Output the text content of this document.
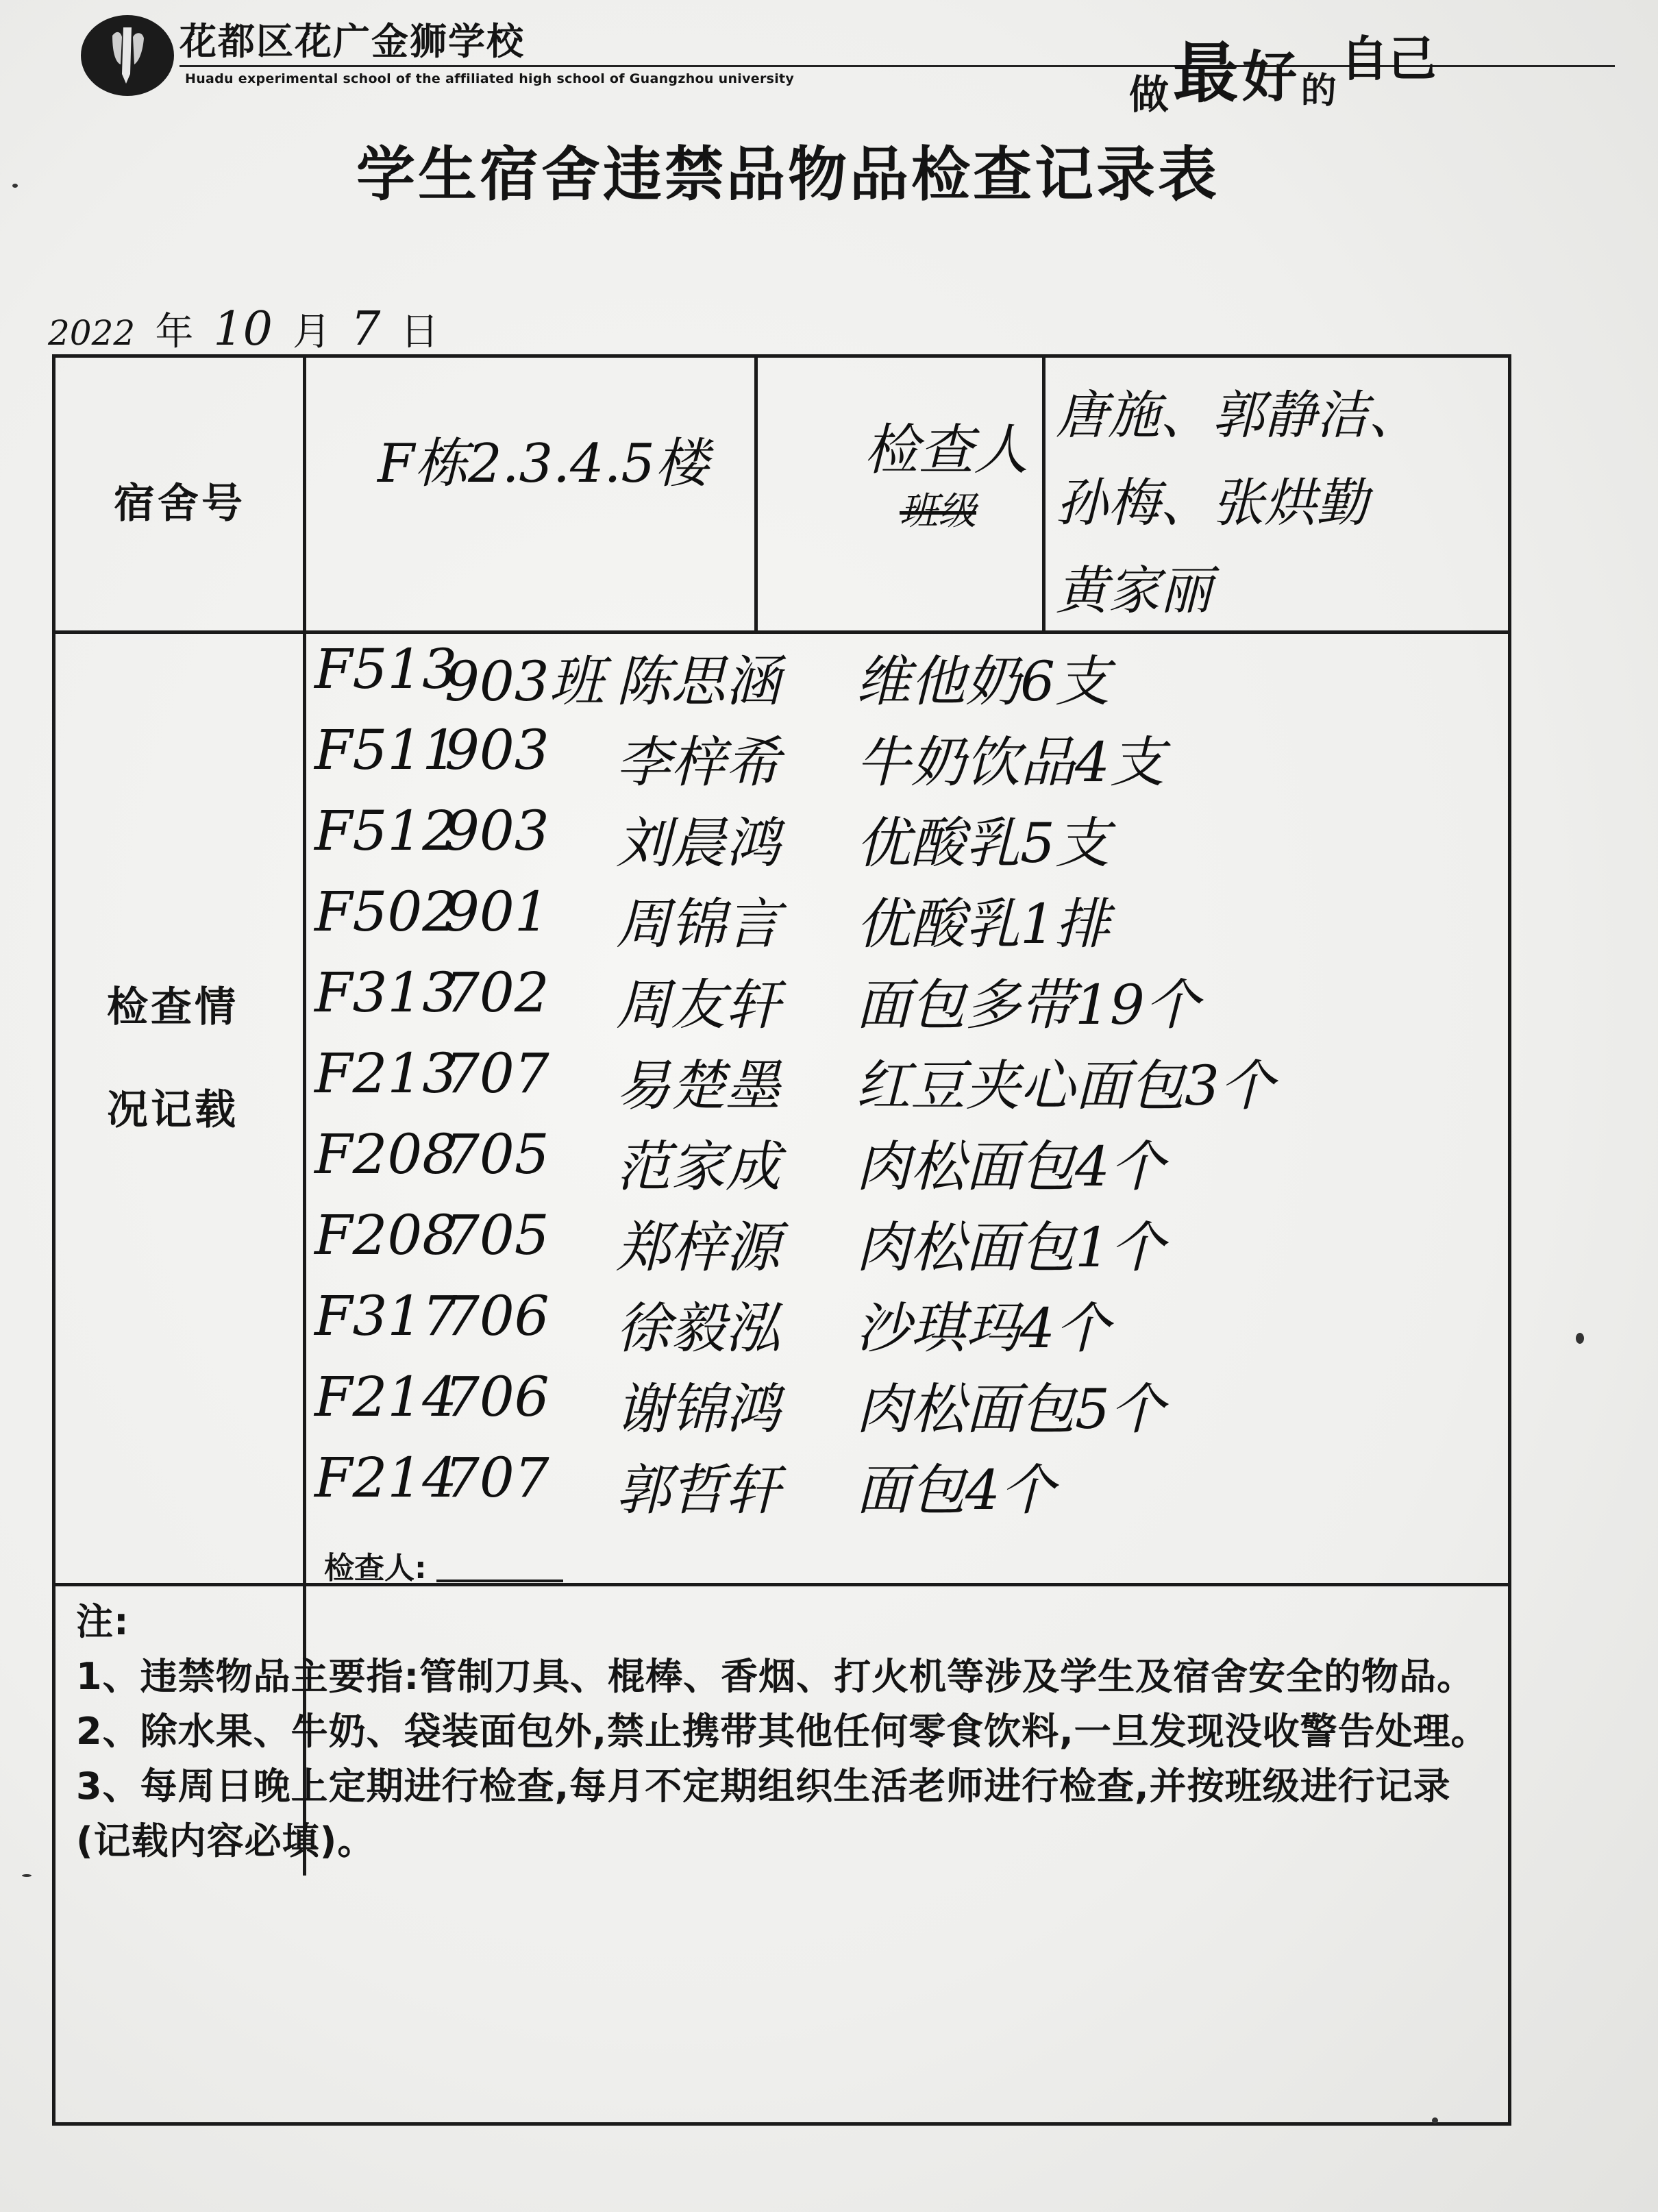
花都区花广金狮学校
Huadu experimental school of the affiliated high school of Guangzhou university	做 最 好 的 自己
学生宿舍违禁品物品检查记录表
2022 年 10 月 7 日
宿舍号
F栋2.3.4.5楼	检查人
班级
唐施、郭静洁、
孙梅、张烘勤
黄家丽
检查情
况记载
F513
903班 陈思涵 维他奶6支
F511
903 李梓希 牛奶饮品4支
F512
903 刘晨鸿 优酸乳5支
F502
901 周锦言 优酸乳1排
F313
702 周友轩 面包多带19个
F213
707 易楚墨 红豆夹心面包3个
F208
705 范家成 肉松面包4个
F208
705 郑梓源 肉松面包1个
F317
706 徐毅泓 沙琪玛4个
F214
706 谢锦鸿 肉松面包5个
F214
707 郭哲轩 面包4个
检查人:

注:

1、违禁物品主要指:管制刀具、棍棒、香烟、打火机等涉及学生及宿舍安全的物品。

2、除水果、牛奶、袋装面包外,禁止携带其他任何零食饮料,一旦发现没收警告处理。

3、每周日晚上定期进行检查,每月不定期组织生活老师进行检查,并按班级进行记录(记载内容必填)。
